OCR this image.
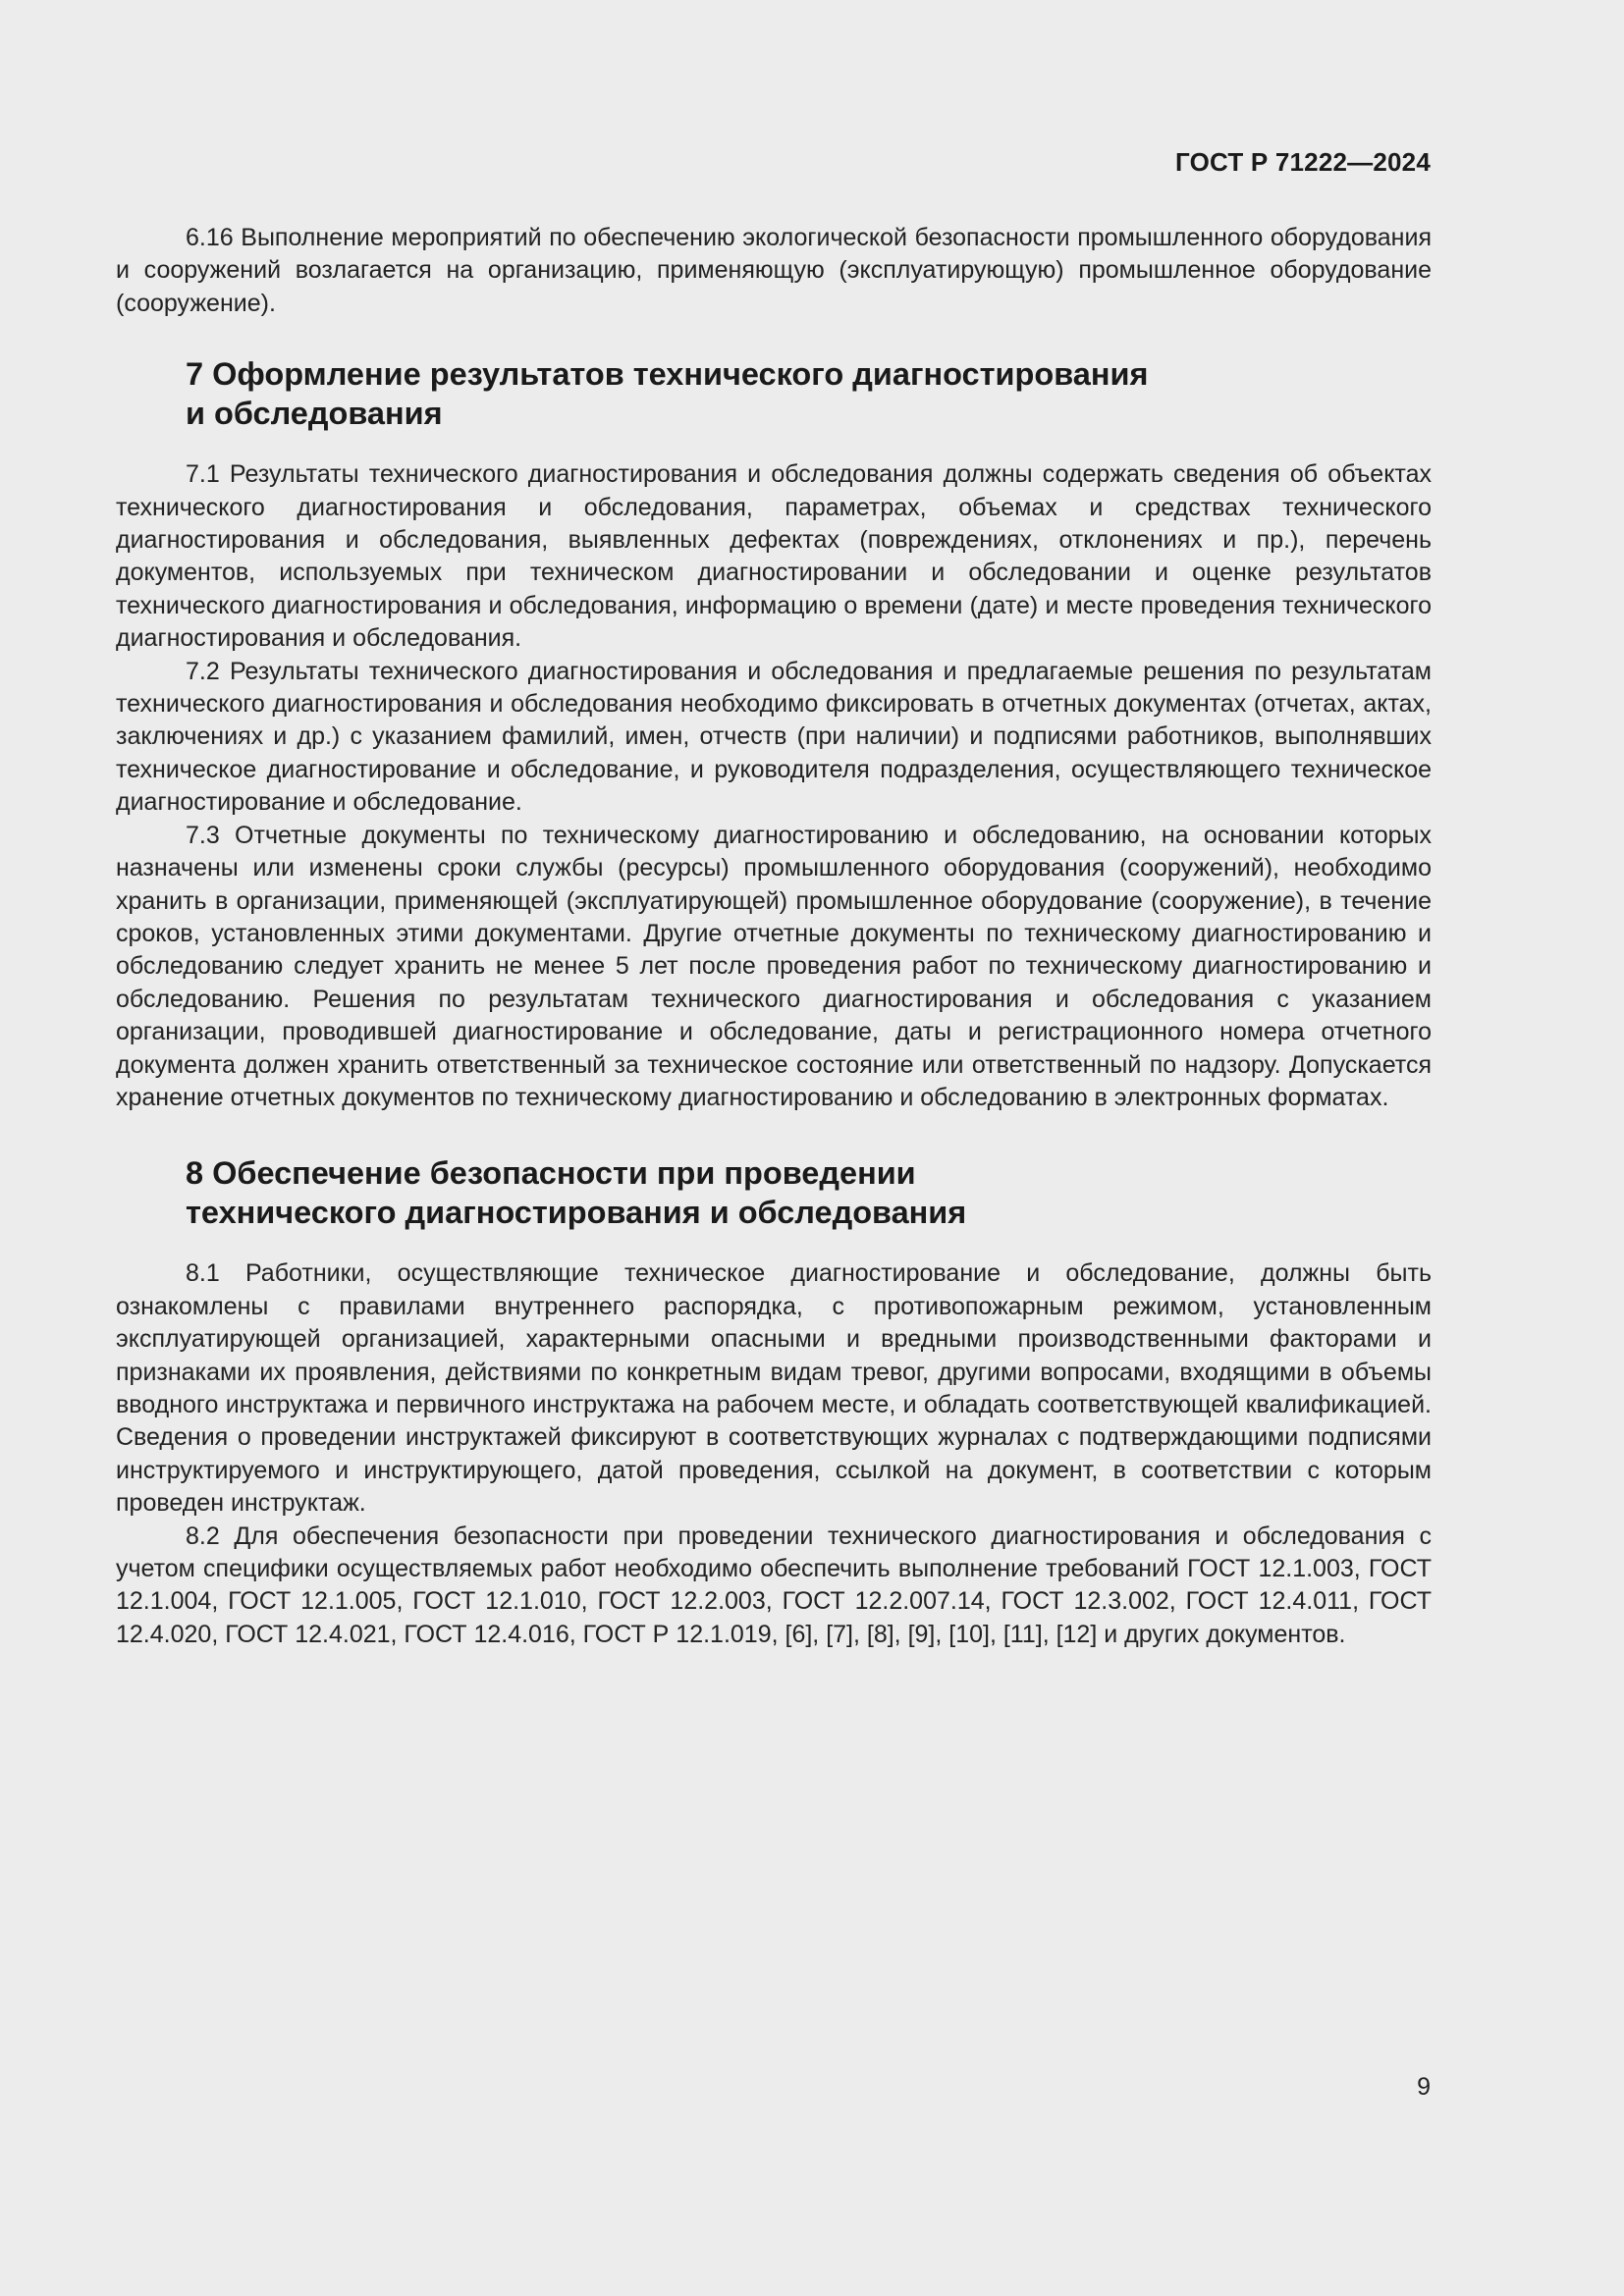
ГОСТ Р 71222—2024

6.16 Выполнение мероприятий по обеспечению экологической безопасности промышленного оборудования и сооружений возлагается на организацию, применяющую (эксплуатирующую) промышленное оборудование (сооружение).

7 Оформление результатов технического диагностирования
и обследования

7.1 Результаты технического диагностирования и обследования должны содержать сведения об объектах технического диагностирования и обследования, параметрах, объемах и средствах технического диагностирования и обследования, выявленных дефектах (повреждениях, отклонениях и пр.), перечень документов, используемых при техническом диагностировании и обследовании и оценке результатов технического диагностирования и обследования, информацию о времени (дате) и месте проведения технического диагностирования и обследования.

7.2 Результаты технического диагностирования и обследования и предлагаемые решения по результатам технического диагностирования и обследования необходимо фиксировать в отчетных документах (отчетах, актах, заключениях и др.) с указанием фамилий, имен, отчеств (при наличии) и подписями работников, выполнявших техническое диагностирование и обследование, и руководителя подразделения, осуществляющего техническое диагностирование и обследование.

7.3 Отчетные документы по техническому диагностированию и обследованию, на основании которых назначены или изменены сроки службы (ресурсы) промышленного оборудования (сооружений), необходимо хранить в организации, применяющей (эксплуатирующей) промышленное оборудование (сооружение), в течение сроков, установленных этими документами. Другие отчетные документы по техническому диагностированию и обследованию следует хранить не менее 5 лет после проведения работ по техническому диагностированию и обследованию. Решения по результатам технического диагностирования и обследования с указанием организации, проводившей диагностирование и обследование, даты и регистрационного номера отчетного документа должен хранить ответственный за техническое состояние или ответственный по надзору. Допускается хранение отчетных документов по техническому диагностированию и обследованию в электронных форматах.

8 Обеспечение безопасности при проведении
технического диагностирования и обследования

8.1 Работники, осуществляющие техническое диагностирование и обследование, должны быть ознакомлены с правилами внутреннего распорядка, с противопожарным режимом, установленным эксплуатирующей организацией, характерными опасными и вредными производственными факторами и признаками их проявления, действиями по конкретным видам тревог, другими вопросами, входящими в объемы вводного инструктажа и первичного инструктажа на рабочем месте, и обладать соответствующей квалификацией. Сведения о проведении инструктажей фиксируют в соответствующих журналах с подтверждающими подписями инструктируемого и инструктирующего, датой проведения, ссылкой на документ, в соответствии с которым проведен инструктаж.

8.2 Для обеспечения безопасности при проведении технического диагностирования и обследования с учетом специфики осуществляемых работ необходимо обеспечить выполнение требований ГОСТ 12.1.003, ГОСТ 12.1.004, ГОСТ 12.1.005, ГОСТ 12.1.010, ГОСТ 12.2.003, ГОСТ 12.2.007.14, ГОСТ 12.3.002, ГОСТ 12.4.011, ГОСТ 12.4.020, ГОСТ 12.4.021, ГОСТ 12.4.016, ГОСТ Р 12.1.019, [6], [7], [8], [9], [10], [11], [12] и других документов.

9
